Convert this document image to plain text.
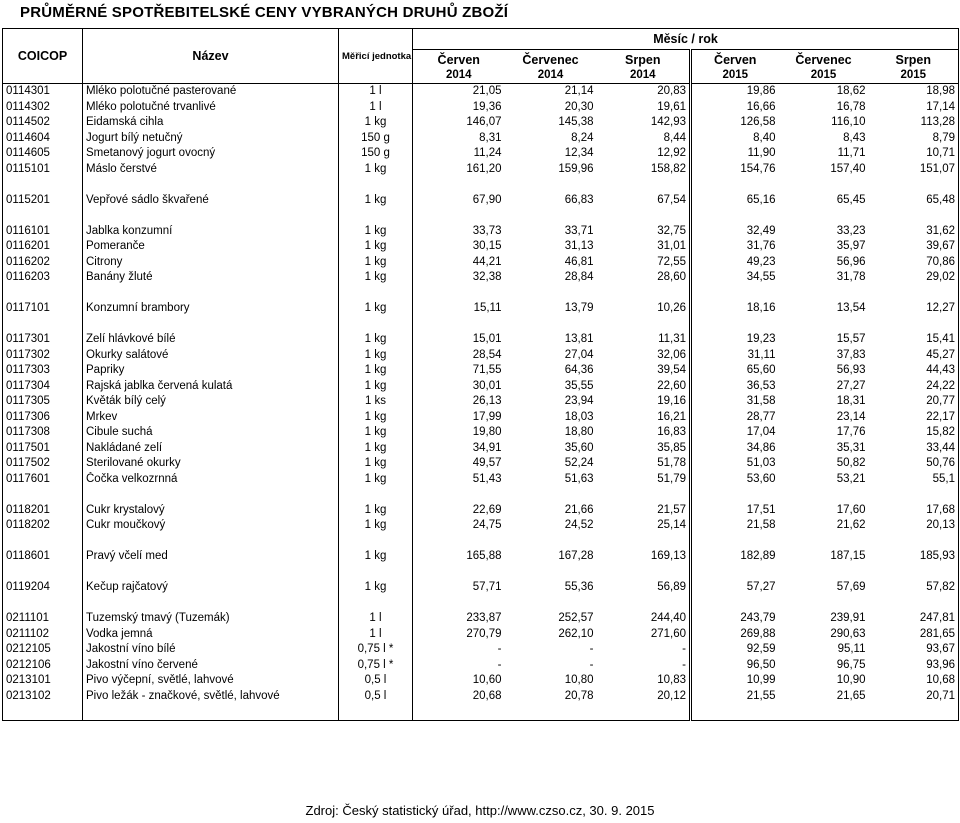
PRŮMĚRNÉ SPOTŘEBITELSKÉ CENY VYBRANÝCH DRUHŮ ZBOŽÍ
COICOP	Název	Měřicí jednotka	Měsíc / rok					
			Červen	Červenec	Srpen	Červen	Červenec	Srpen
			2014	2014	2014	2015	2015	2015
0114301	Mléko polotučné pasterované	1 l	21,05	21,14	20,83	19,86	18,62	18,98
0114302	Mléko polotučné trvanlivé	1 l	19,36	20,30	19,61	16,66	16,78	17,14
0114502	Eidamská cihla	1 kg	146,07	145,38	142,93	126,58	116,10	113,28
0114604	Jogurt bílý netučný	150 g	8,31	8,24	8,44	8,40	8,43	8,79
0114605	Smetanový jogurt ovocný	150 g	11,24	12,34	12,92	11,90	11,71	10,71
0115101	Máslo čerstvé	1 kg	161,20	159,96	158,82	154,76	157,40	151,07

0115201	Vepřové sádlo škvařené	1 kg	67,90	66,83	67,54	65,16	65,45	65,48

0116101	Jablka konzumní	1 kg	33,73	33,71	32,75	32,49	33,23	31,62
0116201	Pomeranče	1 kg	30,15	31,13	31,01	31,76	35,97	39,67
0116202	Citrony	1 kg	44,21	46,81	72,55	49,23	56,96	70,86
0116203	Banány žluté	1 kg	32,38	28,84	28,60	34,55	31,78	29,02

0117101	Konzumní brambory	1 kg	15,11	13,79	10,26	18,16	13,54	12,27

0117301	Zelí hlávkové bílé	1 kg	15,01	13,81	11,31	19,23	15,57	15,41
0117302	Okurky salátové	1 kg	28,54	27,04	32,06	31,11	37,83	45,27
0117303	Papriky	1 kg	71,55	64,36	39,54	65,60	56,93	44,43
0117304	Rajská jablka červená kulatá	1 kg	30,01	35,55	22,60	36,53	27,27	24,22
0117305	Květák bílý celý	1 ks	26,13	23,94	19,16	31,58	18,31	20,77
0117306	Mrkev	1 kg	17,99	18,03	16,21	28,77	23,14	22,17
0117308	Cibule suchá	1 kg	19,80	18,80	16,83	17,04	17,76	15,82
0117501	Nakládané zelí	1 kg	34,91	35,60	35,85	34,86	35,31	33,44
0117502	Sterilované okurky	1 kg	49,57	52,24	51,78	51,03	50,82	50,76
0117601	Čočka velkozrnná	1 kg	51,43	51,63	51,79	53,60	53,21	55,1

0118201	Cukr krystalový	1 kg	22,69	21,66	21,57	17,51	17,60	17,68
0118202	Cukr moučkový	1 kg	24,75	24,52	25,14	21,58	21,62	20,13

0118601	Pravý včelí med	1 kg	165,88	167,28	169,13	182,89	187,15	185,93

0119204	Kečup rajčatový	1 kg	57,71	55,36	56,89	57,27	57,69	57,82

0211101	Tuzemský tmavý (Tuzemák)	1 l	233,87	252,57	244,40	243,79	239,91	247,81
0211102	Vodka jemná	1 l	270,79	262,10	271,60	269,88	290,63	281,65
0212105	Jakostní víno bílé	0,75 l *	-	-	-	92,59	95,11	93,67
0212106	Jakostní víno červené	0,75 l *	-	-	-	96,50	96,75	93,96
0213101	Pivo výčepní, světlé, lahvové	0,5 l	10,60	10,80	10,83	10,99	10,90	10,68
0213102	Pivo ležák - značkové, světlé, lahvové	0,5 l	20,68	20,78	20,12	21,55	21,65	20,71

Zdroj: Český statistický úřad, http://www.czso.cz, 30. 9. 2015
